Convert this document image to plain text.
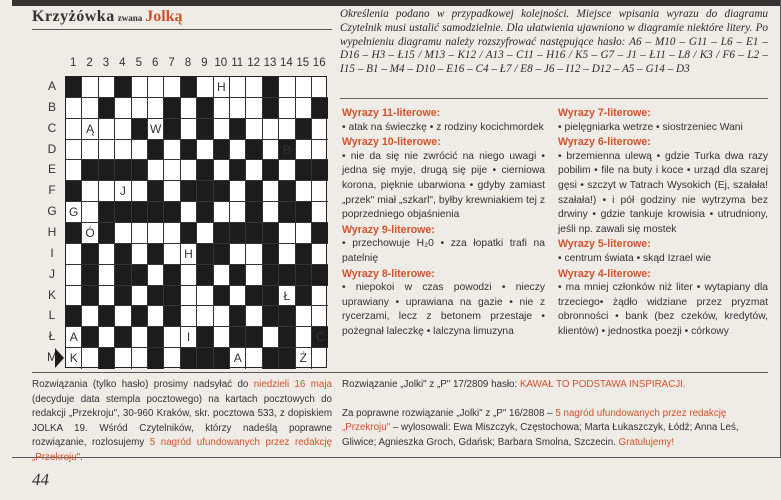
Krzyżówka zwana Jolką	Określenia podano w przypadkowej kolejności. Miejsce wpisania wyrazu do diagramu Czytelnik musi ustalić samodzielnie. Dla ułatwienia ujawniono w diagramie niektóre litery. Po wypełnieniu diagramu należy rozszyfrować następujące hasło: A6 – M10 – G11 – L6 – E1 – D16 – H3 – Ł15 / M13 – K12 / A13 – C11 – H16 / K5 – G7 – J1 – Ł11 – L8 / K3 / F6 – L2 – I15 – B1 – M4 – D10 – E16 – C4 – Ł7 / E8 – J6 – I12 – D12 – A5 – G14 – D3
1 2 3 4 5 6 7 8 9 10 11 12 13 14 15 16
A
B
C
D
E
F
G
H
I
J
K
L
Ł
M
H
Ą	W
B
J
G
Ó
H
Ł
A	I	Ć
K	A	Ż
Wyrazy 11-literowe:
• atak na świeczkę • z rodziny kocichmordek
Wyrazy 10-literowe:
• nie da się nie zwrócić na niego uwagi • jedna się myje, drugą się pije • cierniowa korona, pięknie ubarwiona • gdyby zamiast „przek" miał „szkarl", byłby krewniakiem tej z poprzedniego objaśnienia
Wyrazy 9-literowe:
• przechowuje H₂0 • zza łopatki trafi na patelnię
Wyrazy 8-literowe:
• niepokoi w czas powodzi • nieczy uprawiany • uprawiana na gazie • nie z rycerzami, lecz z betonem przestaje • pożegnał laleczkę • lalczyna limuzyna
Wyrazy 7-literowe:
• pielęgniarka wetrze • siostrzeniec Wani
Wyrazy 6-literowe:
• brzemienna ulewą • gdzie Turka dwa razy pobilim • file na buty i koce • urząd dla szarej gęsi • szczyt w Tatrach Wysokich (Ej, szałała! szałała!) • i pół godziny nie wytrzyma bez drwiny • gdzie tankuje krowisia • utrudniony, jeśli np. zawali się mostek
Wyrazy 5-literowe:
• centrum świata • skąd Izrael wie
Wyrazy 4-literowe:
• ma mniej członków niż liter • wytapiany dla trzeciego• żądło widziane przez pryzmat obronności • bank (bez czeków, kredytów, klientów) • jednostka poezji • córkowy
Rozwiązania (tylko hasło) prosimy nadsyłać do niedzieli 16 maja (decyduje data stempla pocztowego) na kartach pocztowych do redakcji „Przekroju", 30-960 Kraków, skr. pocztowa 533, z dopiskiem JOLKA 19. Wśród Czytelników, którzy nadeślą poprawne rozwiązanie, rozlosujemy 5 nagród ufundowanych przez redakcję „Przekroju".
Rozwiązanie „Jolki" z „P" 17/2809 hasło: KAWAŁ TO PODSTAWA INSPIRACJI.
Za poprawne rozwiązanie „Jolki" z „P" 16/2808 – 5 nagród ufundowanych przez redakcję „Przekroju" – wylosowali: Ewa Miszczyk, Częstochowa; Marta Łukaszczyk, Łódź; Anna Leś, Gliwice; Agnieszka Groch, Gdańsk; Barbara Smolna, Szczecin. Gratulujemy!
44
